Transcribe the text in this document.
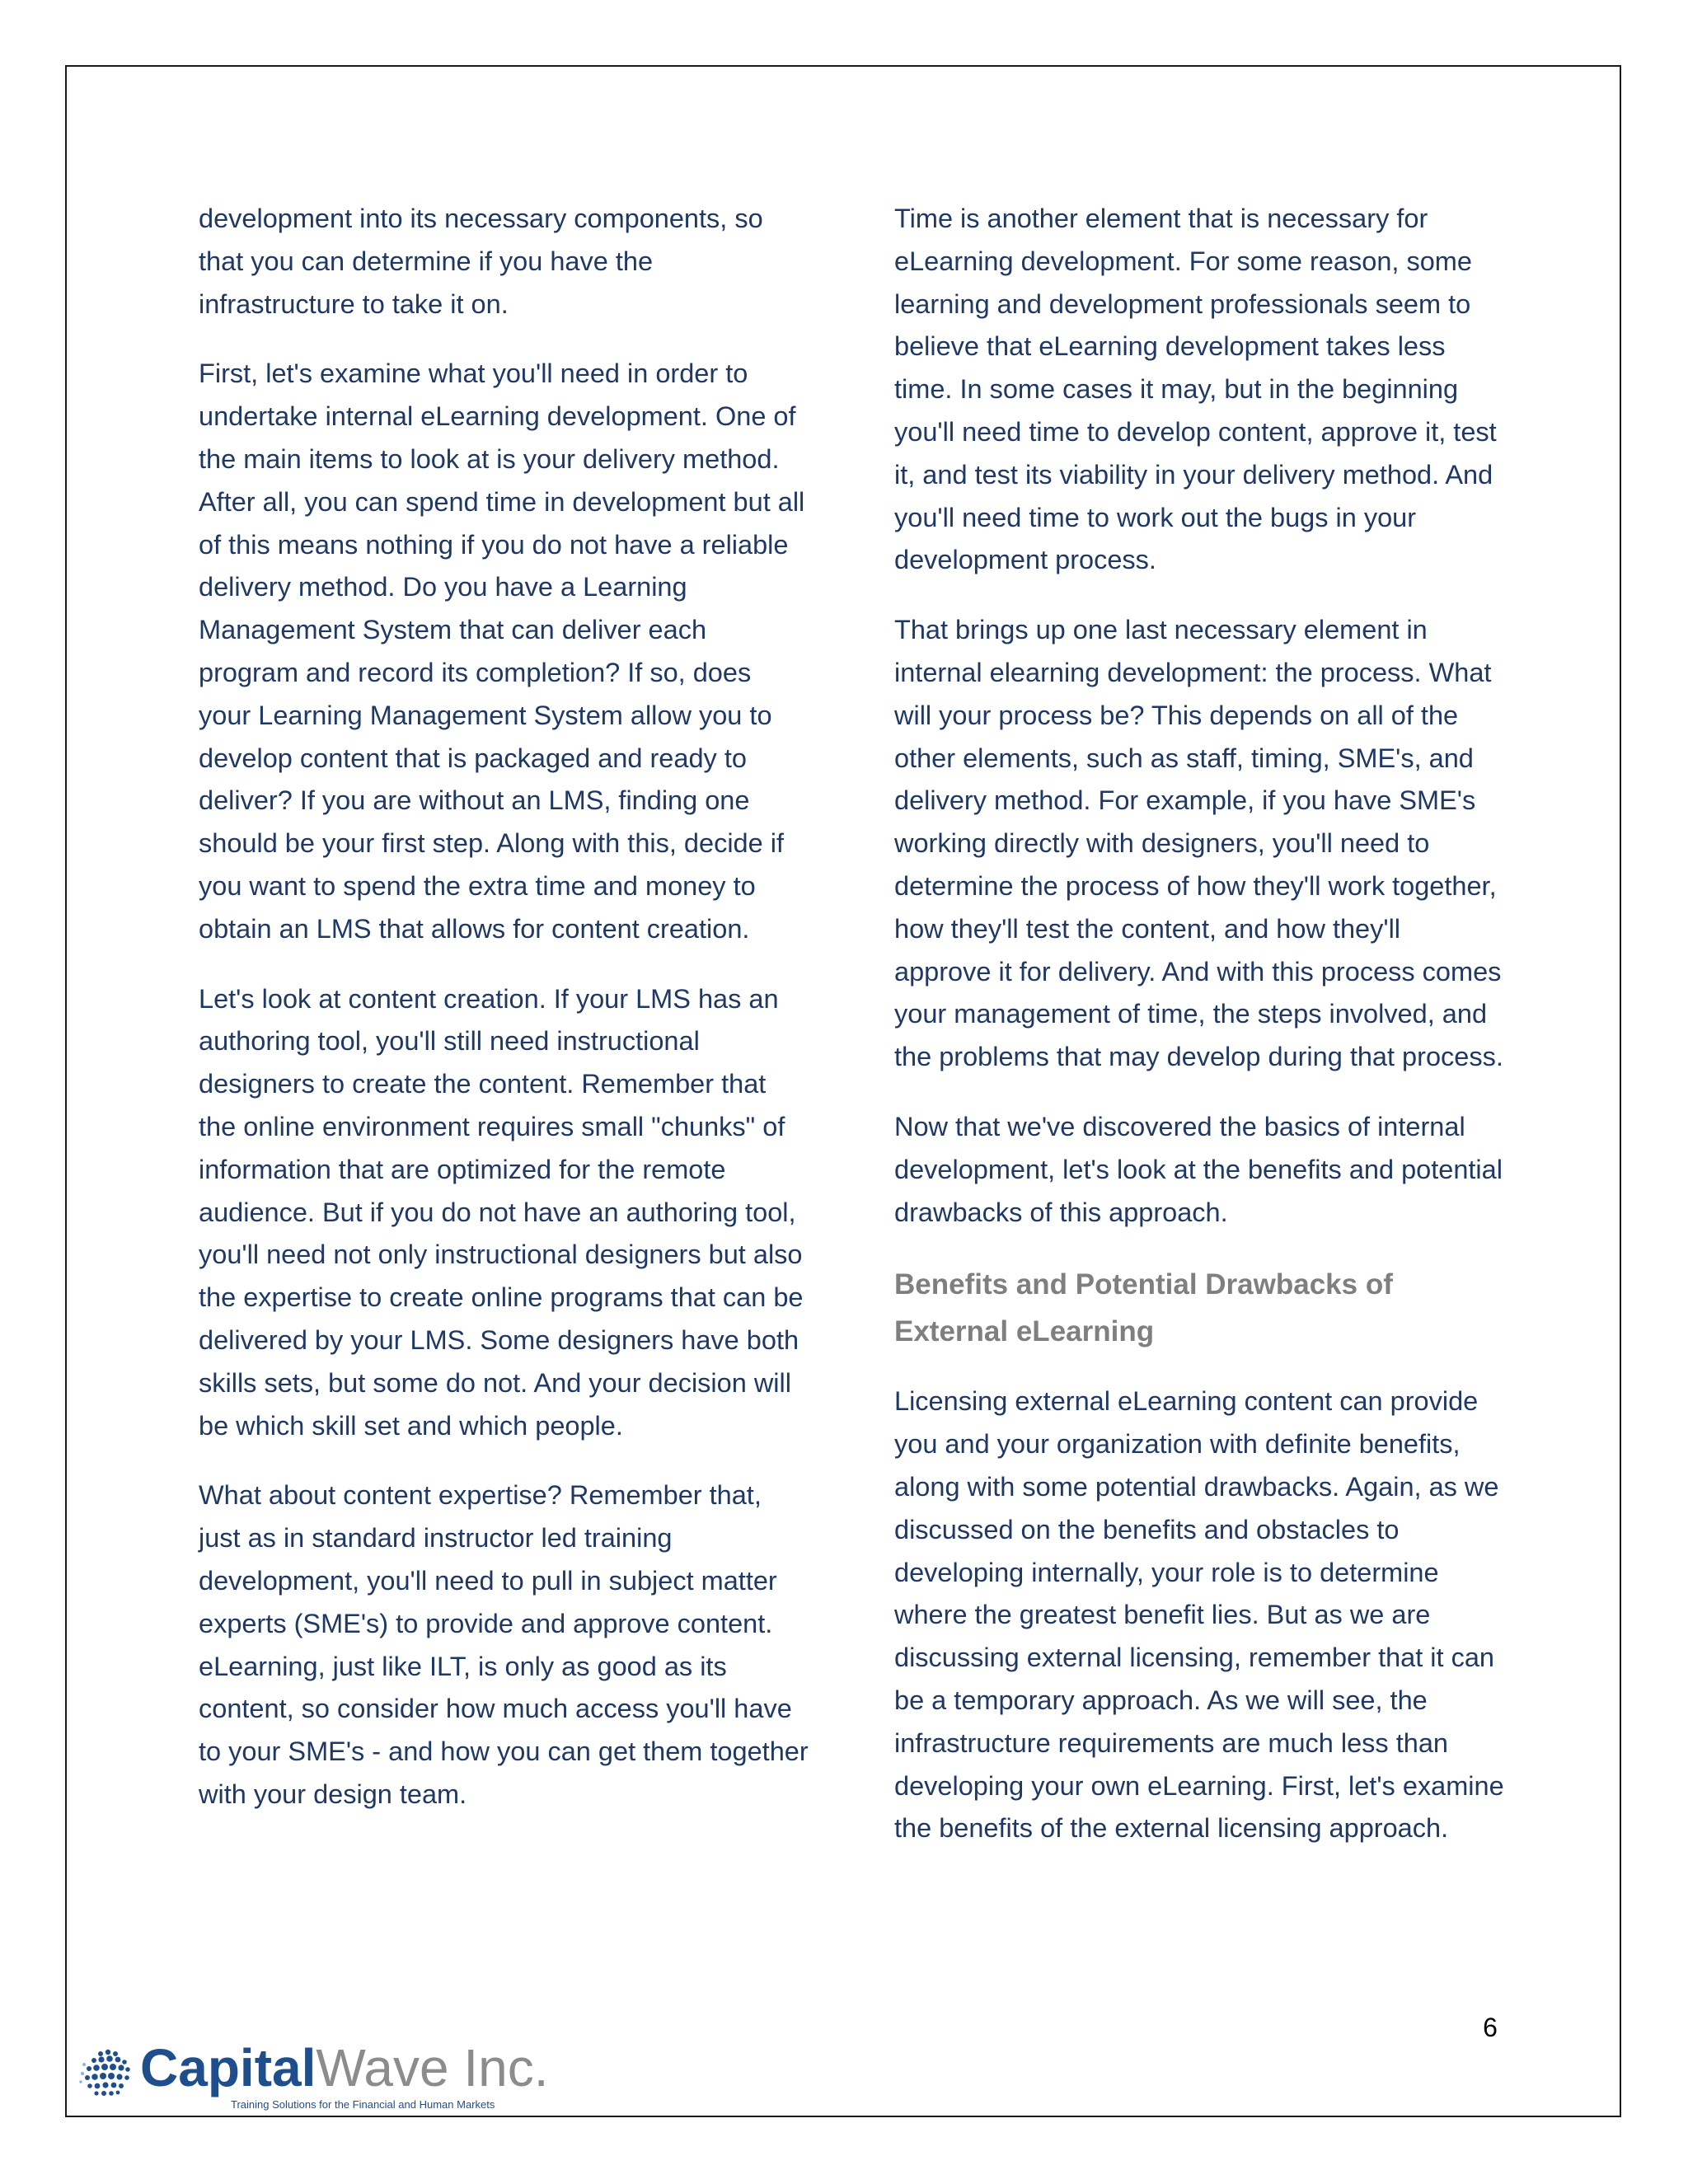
development into its necessary components, so that you can determine if you have the infrastructure to take it on.

First, let's examine what you'll need in order to undertake internal eLearning development. One of the main items to look at is your delivery method. After all, you can spend time in development but all of this means nothing if you do not have a reliable delivery method. Do you have a Learning Management System that can deliver each program and record its completion? If so, does your Learning Management System allow you to develop content that is packaged and ready to deliver? If you are without an LMS, finding one should be your first step. Along with this, decide if you want to spend the extra time and money to obtain an LMS that allows for content creation.

Let's look at content creation. If your LMS has an authoring tool, you'll still need instructional designers to create the content. Remember that the online environment requires small "chunks" of information that are optimized for the remote audience. But if you do not have an authoring tool, you'll need not only instructional designers but also the expertise to create online programs that can be delivered by your LMS. Some designers have both skills sets, but some do not. And your decision will be which skill set and which people.

What about content expertise? Remember that, just as in standard instructor led training development, you'll need to pull in subject matter experts (SME's) to provide and approve content. eLearning, just like ILT, is only as good as its content, so consider how much access you'll have to your SME's - and how you can get them together with your design team.

Time is another element that is necessary for eLearning development. For some reason, some learning and development professionals seem to believe that eLearning development takes less time. In some cases it may, but in the beginning you'll need time to develop content, approve it, test it, and test its viability in your delivery method. And you'll need time to work out the bugs in your development process.

That brings up one last necessary element in internal elearning development: the process. What will your process be? This depends on all of the other elements, such as staff, timing, SME's, and delivery method. For example, if you have SME's working directly with designers, you'll need to determine the process of how they'll work together, how they'll test the content, and how they'll approve it for delivery. And with this process comes your management of time, the steps involved, and the problems that may develop during that process.

Now that we've discovered the basics of internal development, let's look at the benefits and potential drawbacks of this approach.

Benefits and Potential Drawbacks of External eLearning

Licensing external eLearning content can provide you and your organization with definite benefits, along with some potential drawbacks. Again, as we discussed on the benefits and obstacles to developing internally, your role is to determine where the greatest benefit lies. But as we are discussing external licensing, remember that it can be a temporary approach. As we will see, the infrastructure requirements are much less than developing your own eLearning. First, let's examine the benefits of the external licensing approach.

6
CapitalWave Inc.
Training Solutions for the Financial and Human Markets
